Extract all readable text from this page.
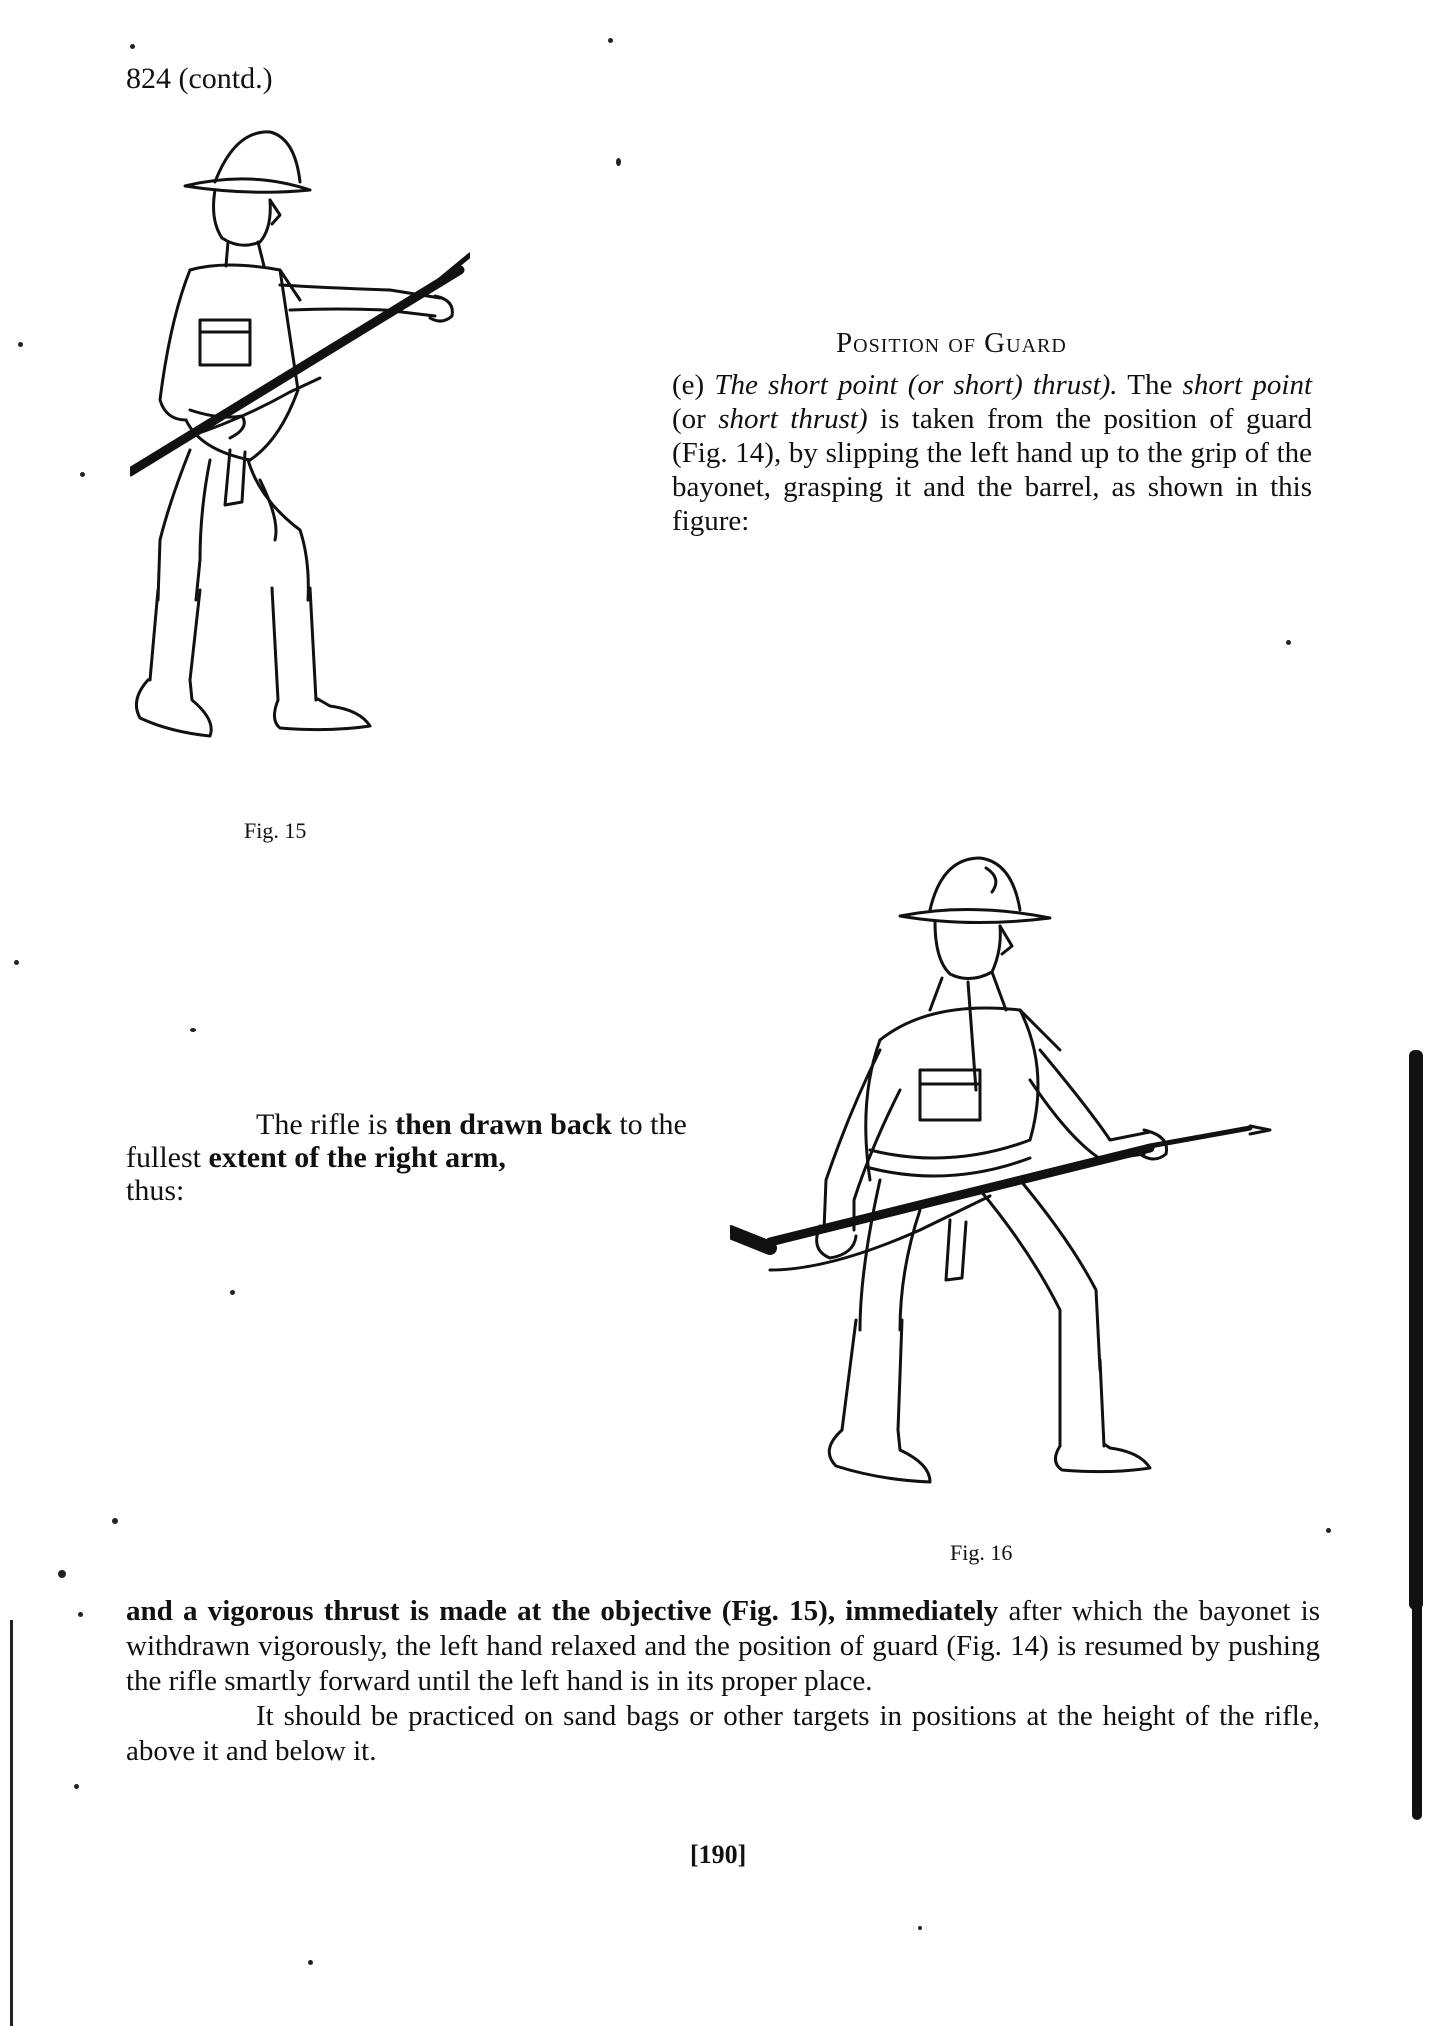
824 (contd.)
Position of Guard
(e) The short point (or short) thrust). The short point (or short thrust) is taken from the position of guard (Fig. 14), by slipping the left hand up to the grip of the bayonet, grasping it and the barrel, as shown in this figure:
Fig. 15
The rifle is then drawn back to the fullest extent of the right arm,
thus:
Fig. 16
and a vigorous thrust is made at the objective (Fig. 15), immediately after which the bayonet is withdrawn vigorously, the left hand relaxed and the position of guard (Fig. 14) is resumed by pushing the rifle smartly forward until the left hand is in its proper place.
It should be practiced on sand bags or other targets in positions at the height of the rifle, above it and below it.
[190]
